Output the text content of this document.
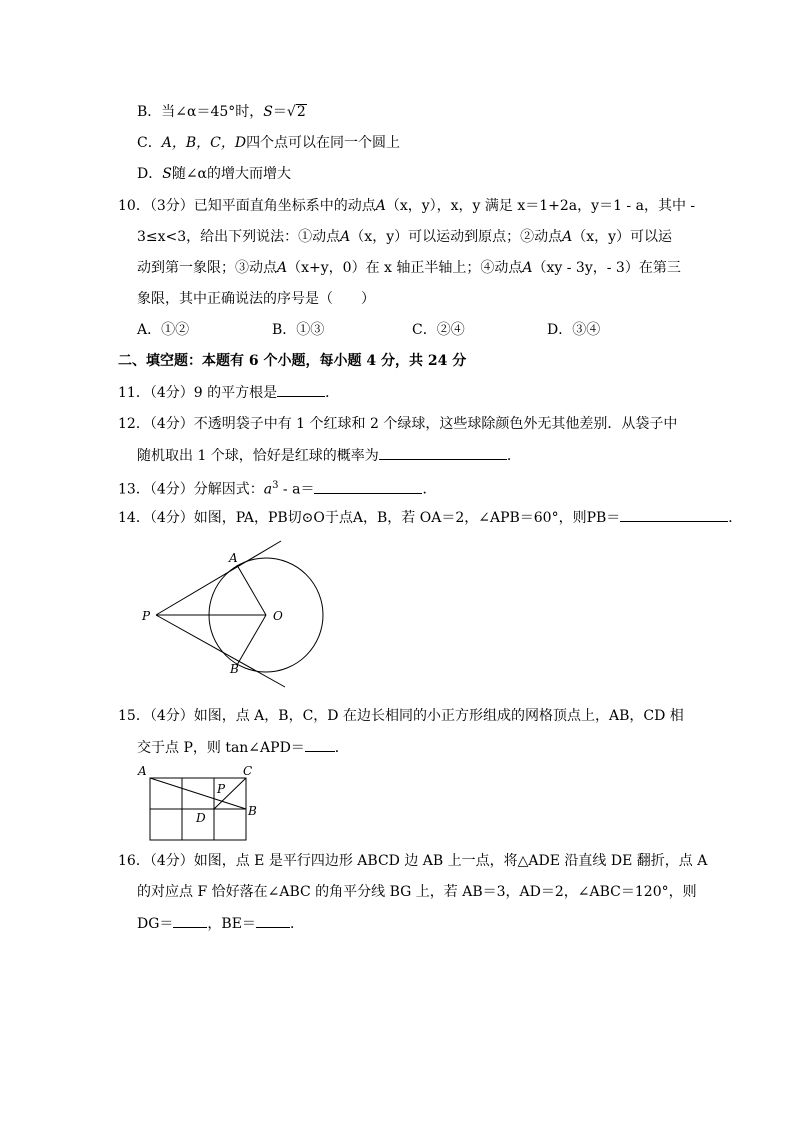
B．当∠α＝45°时，S＝√2
C．A，B，C，D四个点可以在同一个圆上
D．S随∠α的增大而增大
10．（3分）已知平面直角坐标系中的动点A（x，y），x，y 满足 x＝1+2a，y＝1 - a，其中 -
3≤x<3，给出下列说法：①动点A（x，y）可以运动到原点；②动点A（x，y）可以运
动到第一象限；③动点A（x+y，0）在 x 轴正半轴上；④动点A（xy - 3y，- 3）在第三
象限，其中正确说法的序号是（　　）
A．①②	B．①③	C．②④	D．③④
二、填空题：本题有 6 个小题，每小题 4 分，共 24 分
11．（4分）9 的平方根是	．
12．（4分）不透明袋子中有 1 个红球和 2 个绿球，这些球除颜色外无其他差别．从袋子中
随机取出 1 个球，恰好是红球的概率为	．
13．（4分）分解因式：$a^3 - a=$	．
14．（4分）如图，PA，PB切⊙O于点A，B，若 OA＝2，∠APB＝60°，则PB＝	．
P
A
B
O
15．（4分）如图，点 A，B，C，D 在边长相同的小正方形组成的网格顶点上，AB，CD 相
交于点 P，则 tan∠APD＝ ．
A	C
B
P
D
16．（4分）如图，点 E 是平行四边形 ABCD 边 AB 上一点，将△ADE 沿直线 DE 翻折，点 A
的对应点 F 恰好落在∠ABC 的角平分线 BG 上，若 AB＝3，AD＝2，∠ABC＝120°，则
DG＝ ，BE＝ ．
